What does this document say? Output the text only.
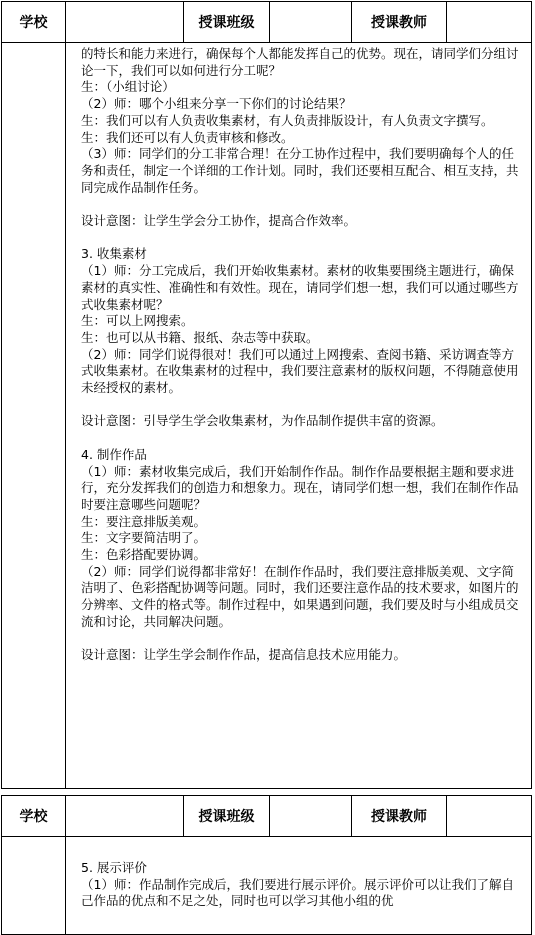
学校	授课班级	授课教师

的特长和能力来进行，确保每个人都能发挥自己的优势。现在，请同学们分组讨论一下，我们可以如何进行分工呢？

生：（小组讨论）

（2）师：哪个小组来分享一下你们的讨论结果？

生：我们可以有人负责收集素材，有人负责排版设计，有人负责文字撰写。

生：我们还可以有人负责审核和修改。

（3）师：同学们的分工非常合理！在分工协作过程中，我们要明确每个人的任务和责任，制定一个详细的工作计划。同时，我们还要相互配合、相互支持，共同完成作品制作任务。

设计意图：让学生学会分工协作，提高合作效率。

3. 收集素材

（1）师：分工完成后，我们开始收集素材。素材的收集要围绕主题进行，确保素材的真实性、准确性和有效性。现在，请同学们想一想，我们可以通过哪些方式收集素材呢？

生：可以上网搜索。

生：也可以从书籍、报纸、杂志等中获取。

（2）师：同学们说得很对！我们可以通过上网搜索、查阅书籍、采访调查等方式收集素材。在收集素材的过程中，我们要注意素材的版权问题，不得随意使用未经授权的素材。

设计意图：引导学生学会收集素材，为作品制作提供丰富的资源。

4. 制作作品

（1）师：素材收集完成后，我们开始制作作品。制作作品要根据主题和要求进行，充分发挥我们的创造力和想象力。现在，请同学们想一想，我们在制作作品时要注意哪些问题呢？

生：要注意排版美观。

生：文字要简洁明了。

生：色彩搭配要协调。

（2）师：同学们说得都非常好！在制作作品时，我们要注意排版美观、文字简洁明了、色彩搭配协调等问题。同时，我们还要注意作品的技术要求，如图片的分辨率、文件的格式等。制作过程中，如果遇到问题，我们要及时与小组成员交流和讨论，共同解决问题。

设计意图：让学生学会制作作品，提高信息技术应用能力。

学校	授课班级	授课教师

5. 展示评价

（1）师：作品制作完成后，我们要进行展示评价。展示评价可以让我们了解自己作品的优点和不足之处，同时也可以学习其他小组的优
